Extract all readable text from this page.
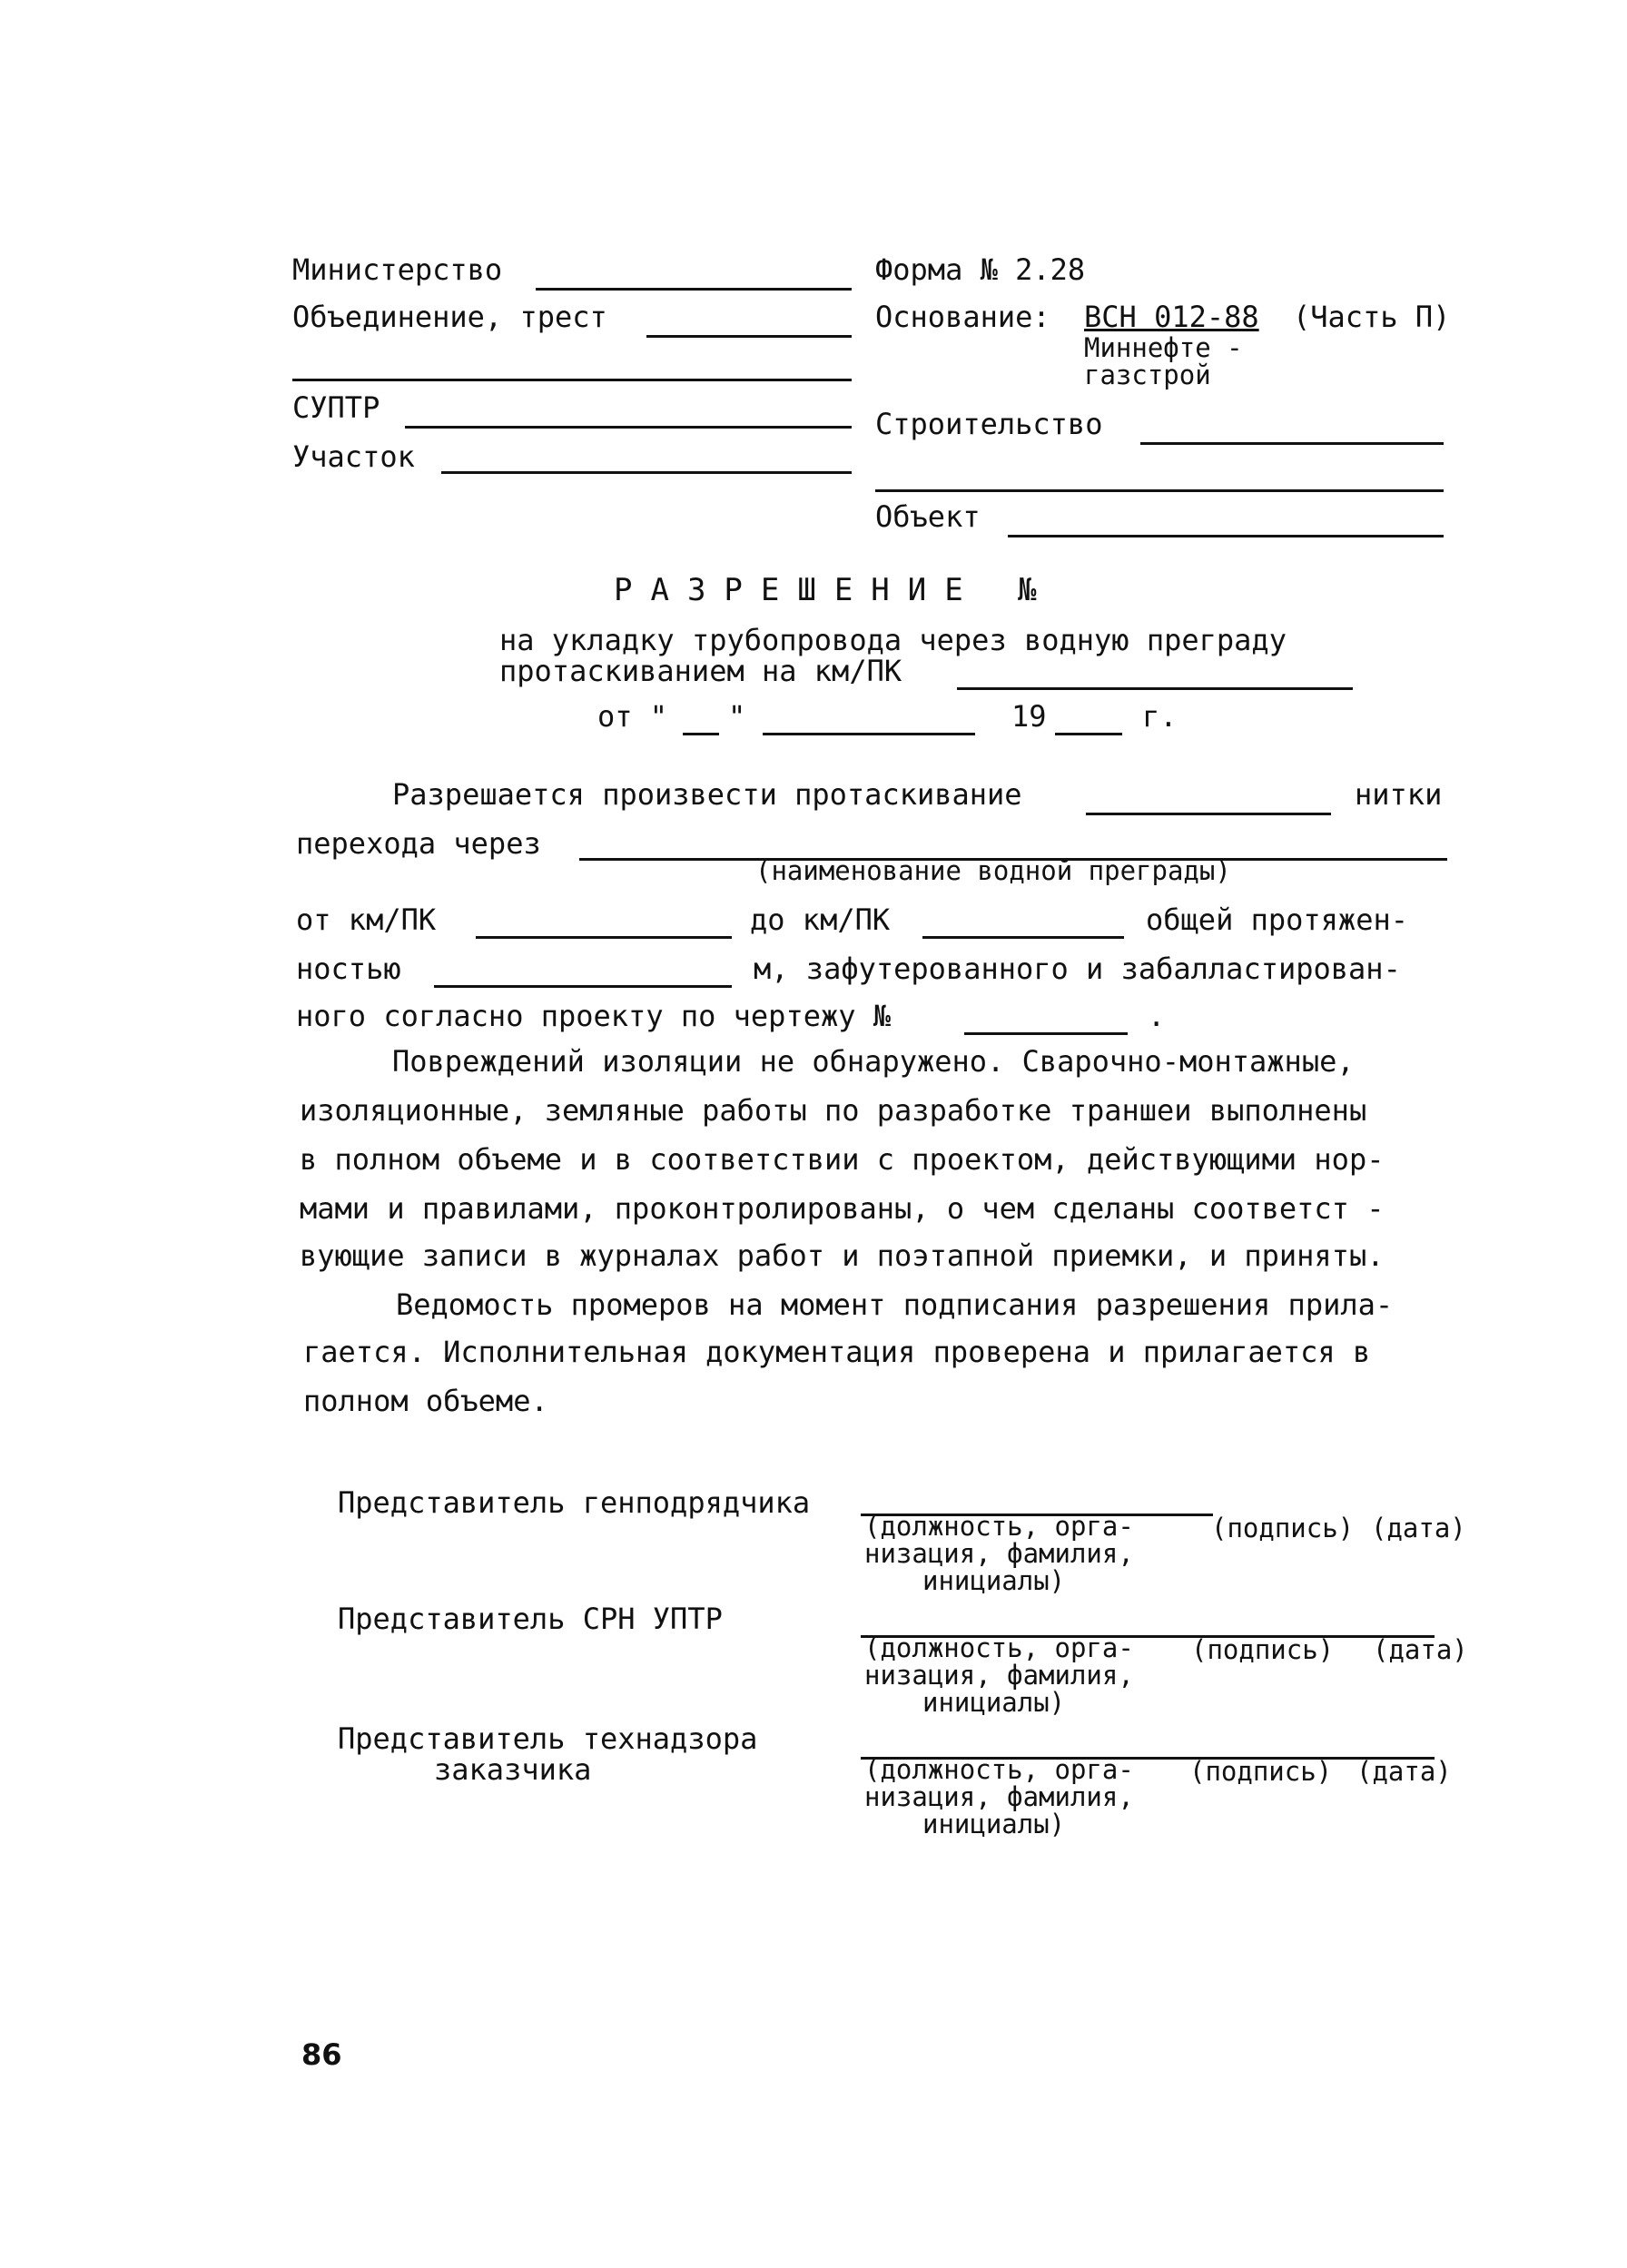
Министерство
Объединение, трест
СУПТР
Участок
Форма № 2.28
Основание: ВСН 012-88 (Часть П)
Миннефте -
газстрой
Строительство
Объект
РАЗРЕШЕНИЕ №
на укладку трубопровода через водную преграду
протаскиванием на км/ПК
от " "	19	г.
Разрешается произвести протаскивание	нитки
перехода через
(наименование водной преграды)
от км/ПК	до км/ПК	общей протяжен-
ностью	м, зафутерованного и забалластирован-
ного согласно проекту по чертежу №	.
Повреждений изоляции не обнаружено. Сварочно-монтажные,
изоляционные, земляные работы по разработке траншеи выполнены
в полном объеме и в соответствии с проектом, действующими нор-
мами и правилами, проконтролированы, о чем сделаны соответст -
вующие записи в журналах работ и поэтапной приемки, и приняты.
Ведомость промеров на момент подписания разрешения прила-
гается. Исполнительная документация проверена и прилагается в
полном объеме.
Представитель генподрядчика
(должность, орга-
низация, фамилия,
инициалы)
(подпись) (дата)
Представитель СРН УПТР
(должность, орга-
низация, фамилия,
инициалы)
(подпись) (дата)
Представитель технадзора
заказчика	(должность, орга-
низация, фамилия,
инициалы)
(подпись) (дата)
86
